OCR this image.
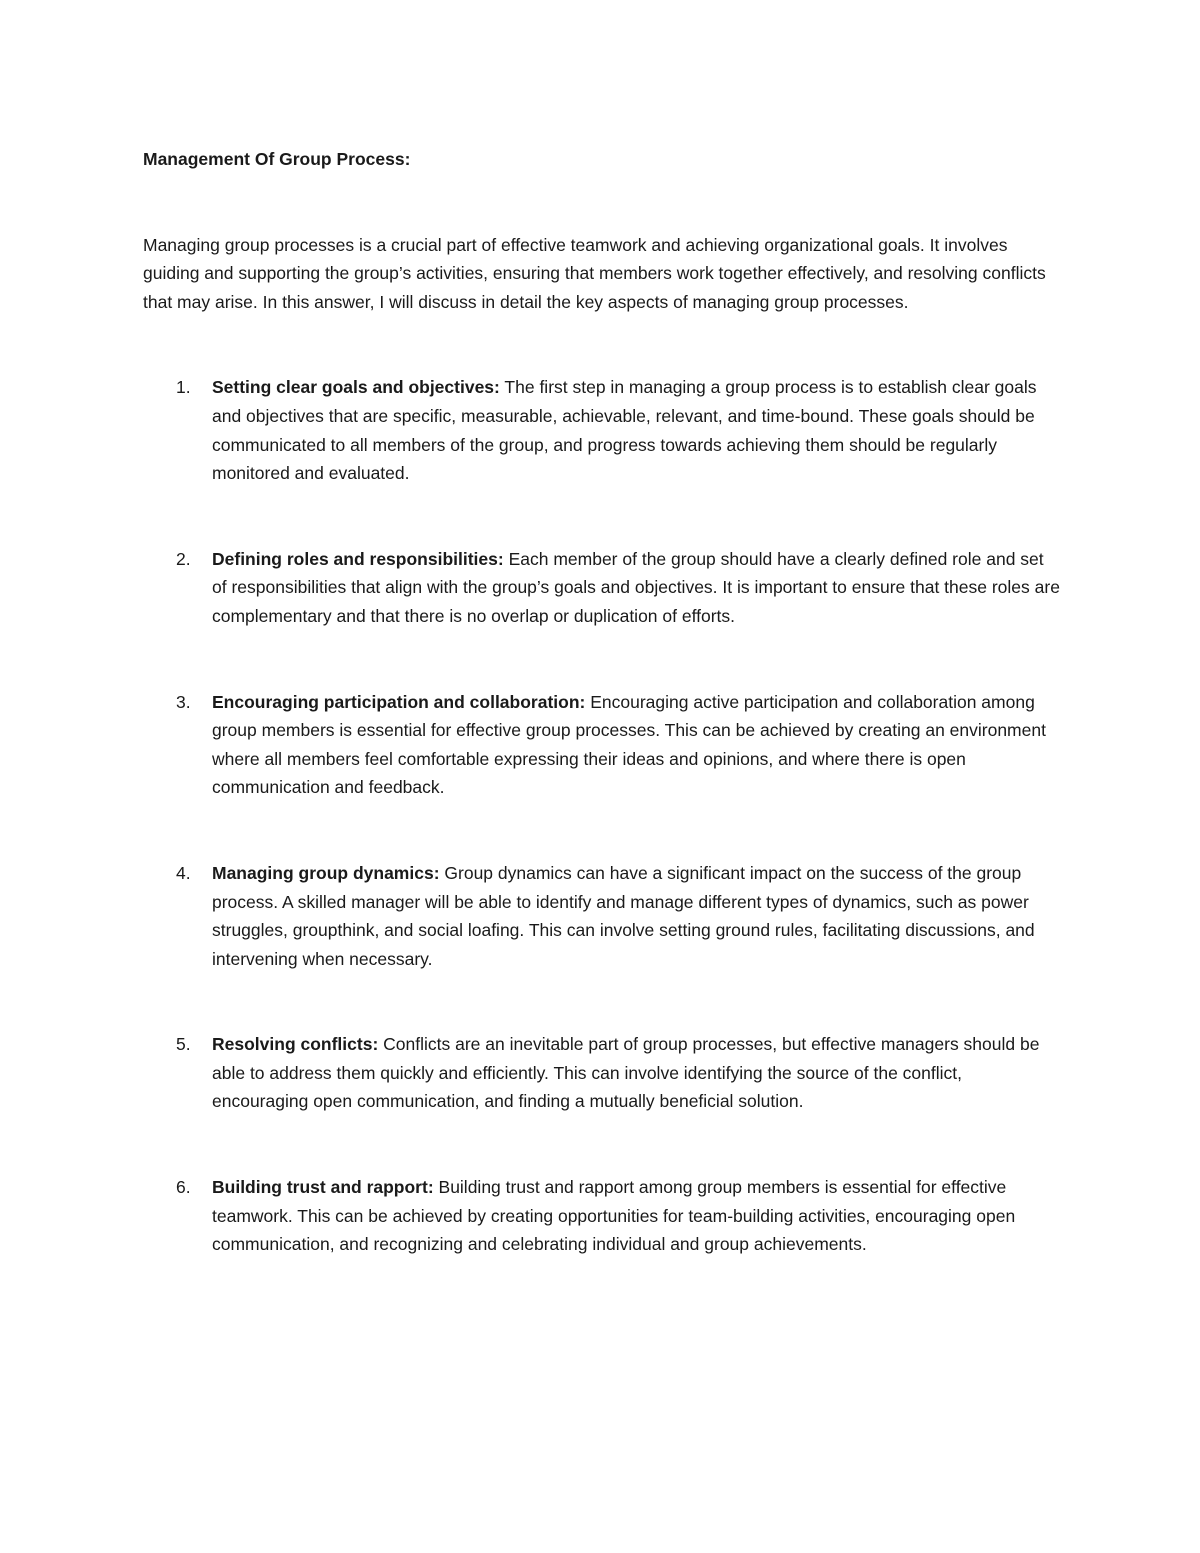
Management Of Group Process:

Managing group processes is a crucial part of effective teamwork and achieving organizational goals. It involves guiding and supporting the group’s activities, ensuring that members work together effectively, and resolving conflicts that may arise. In this answer, I will discuss in detail the key aspects of managing group processes.

1. Setting clear goals and objectives: The first step in managing a group process is to establish clear goals and objectives that are specific, measurable, achievable, relevant, and time-bound. These goals should be communicated to all members of the group, and progress towards achieving them should be regularly monitored and evaluated.
2. Defining roles and responsibilities: Each member of the group should have a clearly defined role and set of responsibilities that align with the group’s goals and objectives. It is important to ensure that these roles are complementary and that there is no overlap or duplication of efforts.
3. Encouraging participation and collaboration: Encouraging active participation and collaboration among group members is essential for effective group processes. This can be achieved by creating an environment where all members feel comfortable expressing their ideas and opinions, and where there is open communication and feedback.
4. Managing group dynamics: Group dynamics can have a significant impact on the success of the group process. A skilled manager will be able to identify and manage different types of dynamics, such as power struggles, groupthink, and social loafing. This can involve setting ground rules, facilitating discussions, and intervening when necessary.
5. Resolving conflicts: Conflicts are an inevitable part of group processes, but effective managers should be able to address them quickly and efficiently. This can involve identifying the source of the conflict, encouraging open communication, and finding a mutually beneficial solution.
6. Building trust and rapport: Building trust and rapport among group members is essential for effective teamwork. This can be achieved by creating opportunities for team-building activities, encouraging open communication, and recognizing and celebrating individual and group achievements.
